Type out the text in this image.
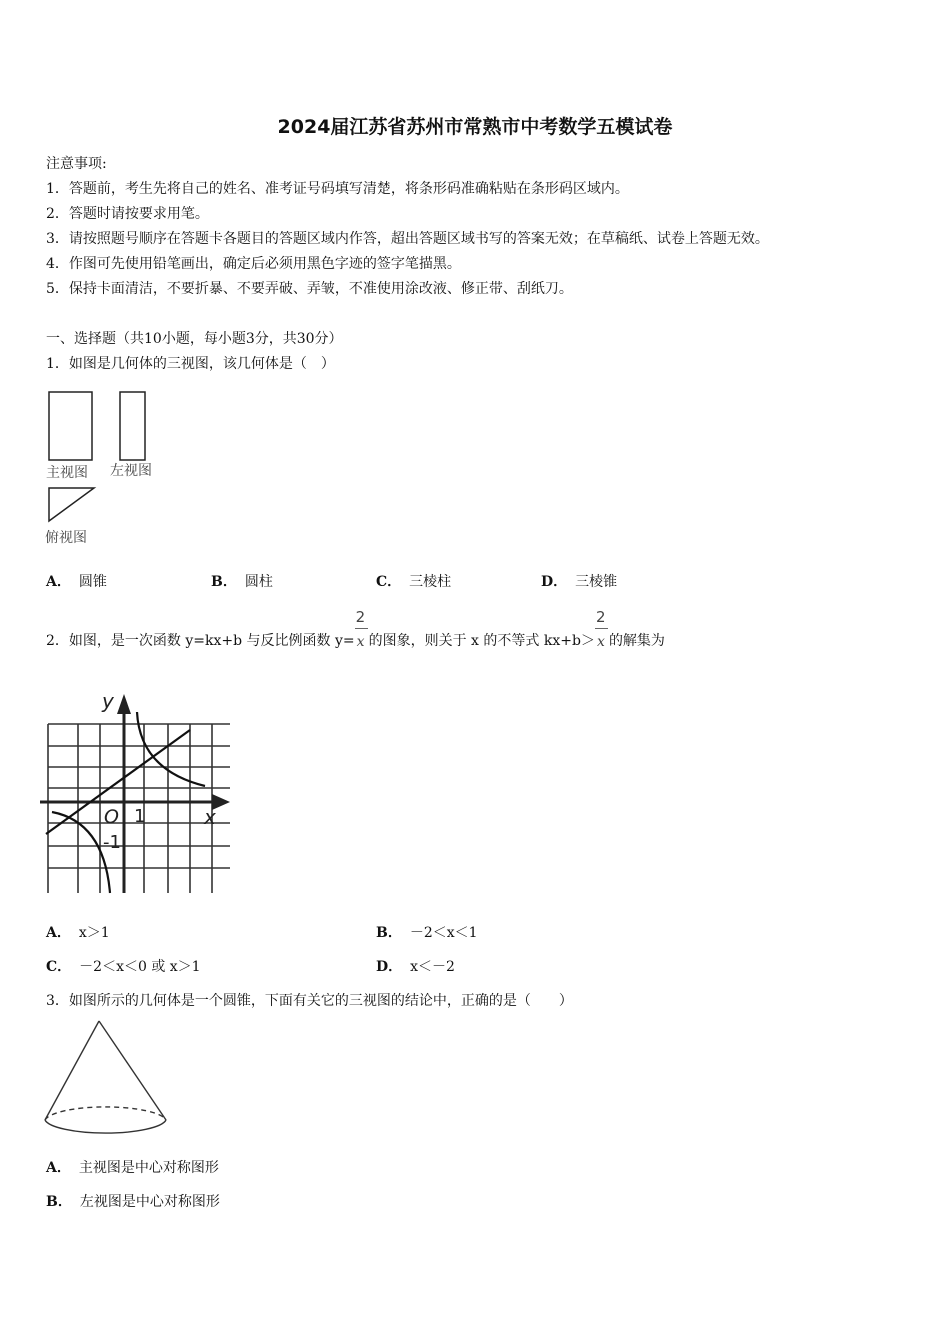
2024届江苏省苏州市常熟市中考数学五模试卷
注意事项:
1．答题前，考生先将自己的姓名、准考证号码填写清楚，将条形码准确粘贴在条形码区域内。
2．答题时请按要求用笔。
3．请按照题号顺序在答题卡各题目的答题区域内作答，超出答题区域书写的答案无效；在草稿纸、试卷上答题无效。
4．作图可先使用铅笔画出，确定后必须用黑色字迹的签字笔描黑。
5．保持卡面清洁，不要折暴、不要弄破、弄皱，不准使用涂改液、修正带、刮纸刀。
一、选择题（共10小题，每小题3分，共30分）
1．如图是几何体的三视图，该几何体是（　）
主视图 左视图
俯视图
A． 圆锥	B． 圆柱	C． 三棱柱	D． 三棱锥
2．如图，是一次函数 y=kx+b 与反比例函数 $y= \frac{2}{x}$ 的图象，则关于 x 的不等式 $kx+b> \frac{2}{x}$ 的解集为
y
x
O 1
-1
A． x＞1	B． －2＜x＜1
C． －2＜x＜0 或 x＞1	D． x＜－2
3．如图所示的几何体是一个圆锥，下面有关它的三视图的结论中，正确的是（　　）
A． 主视图是中心对称图形
B． 左视图是中心对称图形
